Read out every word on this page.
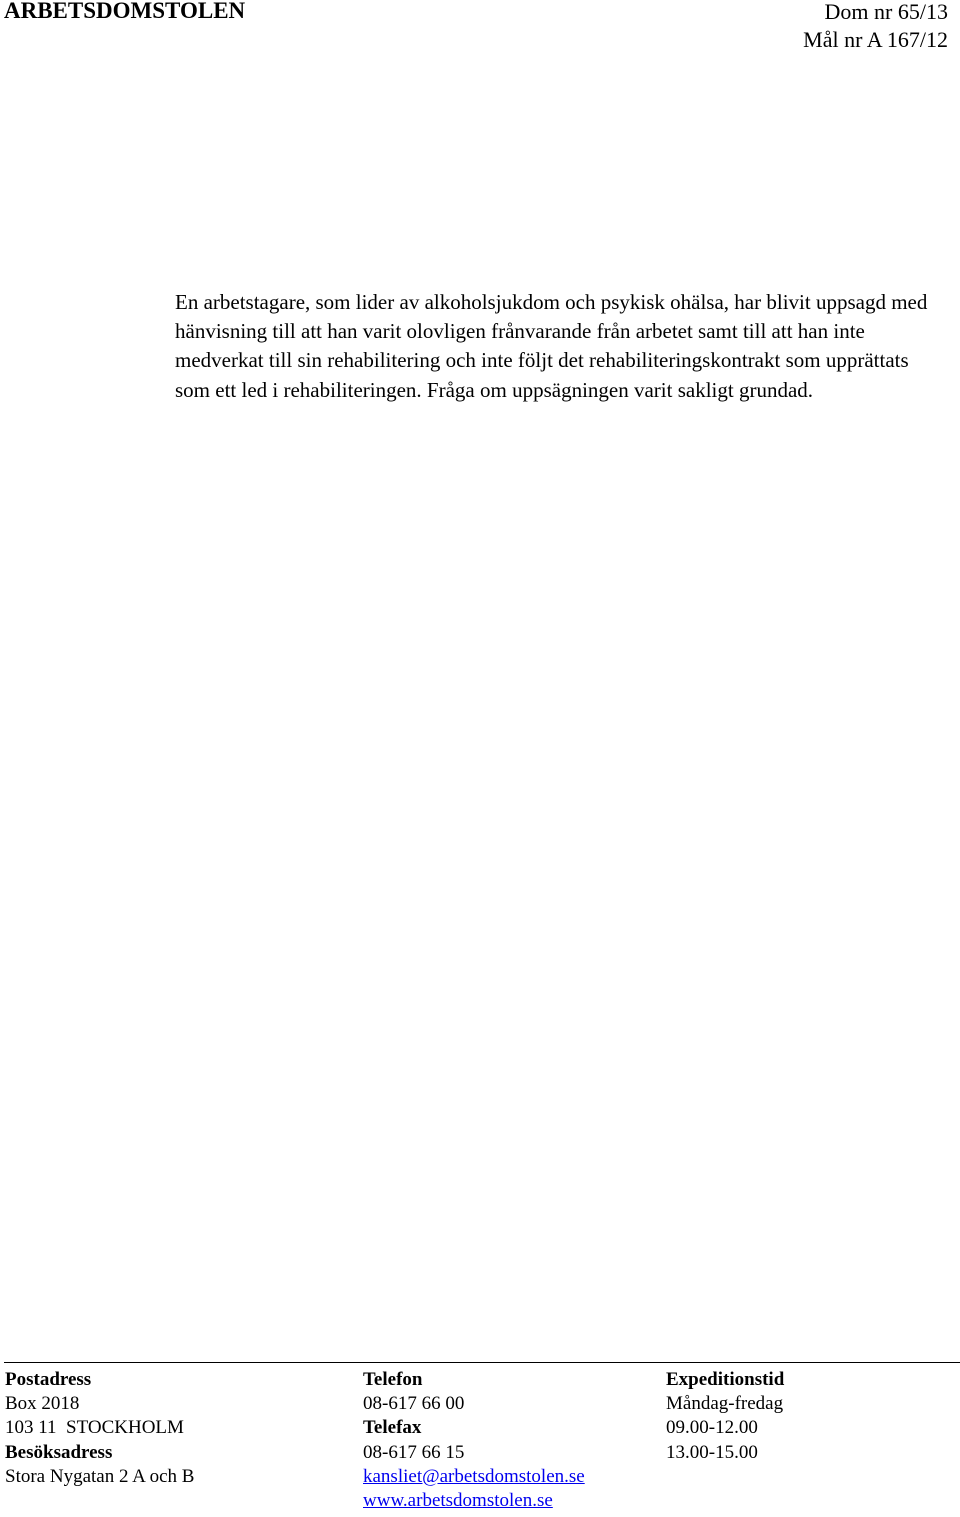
ARBETSDOMSTOLEN	Dom nr 65/13
Mål nr A 167/12

En arbetstagare, som lider av alkoholsjukdom och psykisk ohälsa, har blivit uppsagd med hänvisning till att han varit olovligen frånvarande från arbetet samt till att han inte medverkat till sin rehabilitering och inte följt det rehabiliteringskontrakt som upprättats som ett led i rehabiliteringen. Fråga om uppsägningen varit sakligt grundad.

Postadress
Box 2018
103 11  STOCKHOLM
Besöksadress
Stora Nygatan 2 A och B
Telefon
08-617 66 00
Telefax
08-617 66 15
kansliet@arbetsdomstolen.se
www.arbetsdomstolen.se
Expeditionstid
Måndag-fredag
09.00-12.00
13.00-15.00
